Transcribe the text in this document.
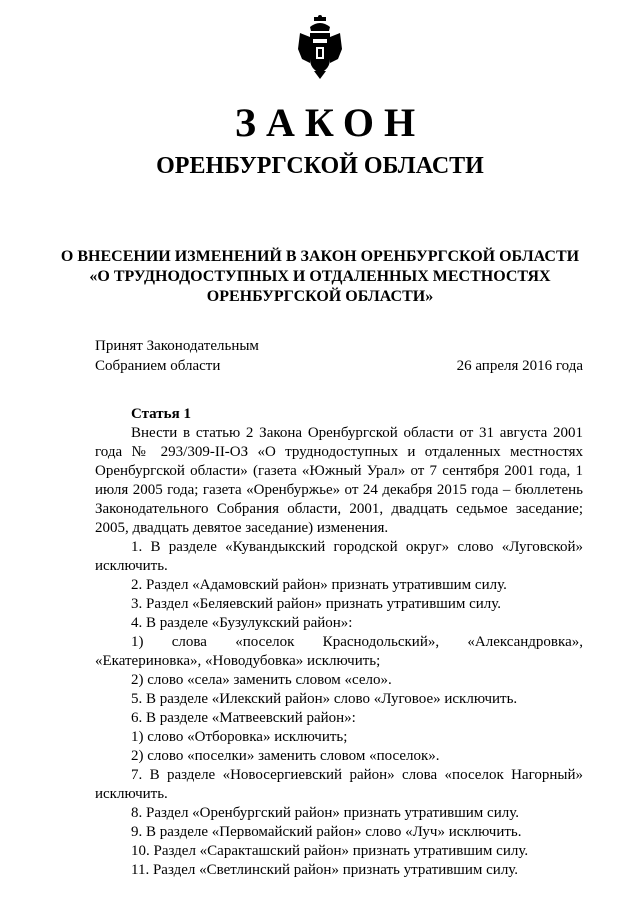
ЗАКОН
ОРЕНБУРГСКОЙ ОБЛАСТИ
О ВНЕСЕНИИ ИЗМЕНЕНИЙ В ЗАКОН ОРЕНБУРГСКОЙ ОБЛАСТИ
«О ТРУДНОДОСТУПНЫХ И ОТДАЛЕННЫХ МЕСТНОСТЯХ
ОРЕНБУРГСКОЙ ОБЛАСТИ»
Принят Законодательным
Собранием области	26 апреля 2016 года
Статья 1

Внести в статью 2 Закона Оренбургской области от 31 августа 2001 года № 293/309-II-ОЗ «О труднодоступных и отдаленных местностях Оренбургской области» (газета «Южный Урал» от 7 сентября 2001 года, 1 июля 2005 года; газета «Оренбуржье» от 24 декабря 2015 года – бюллетень Законодательного Собрания области, 2001, двадцать седьмое заседание; 2005, двадцать девятое заседание) изменения.

1. В разделе «Кувандыкский городской округ» слово «Луговской» исключить.

2. Раздел «Адамовский район» признать утратившим силу.

3. Раздел «Беляевский район» признать утратившим силу.

4. В разделе «Бузулукский район»:

1) слова «поселок Краснодольский», «Александровка», «Екатериновка», «Новодубовка» исключить;

2) слово «села» заменить словом «село».

5. В разделе «Илекский район» слово «Луговое» исключить.

6. В разделе «Матвеевский район»:

1) слово «Отборовка» исключить;

2) слово «поселки» заменить словом «поселок».

7. В разделе «Новосергиевский район» слова «поселок Нагорный» исключить.

8. Раздел «Оренбургский район» признать утратившим силу.

9. В разделе «Первомайский район» слово «Луч» исключить.

10. Раздел «Саракташский район» признать утратившим силу.

11. Раздел «Светлинский район» признать утратившим силу.
